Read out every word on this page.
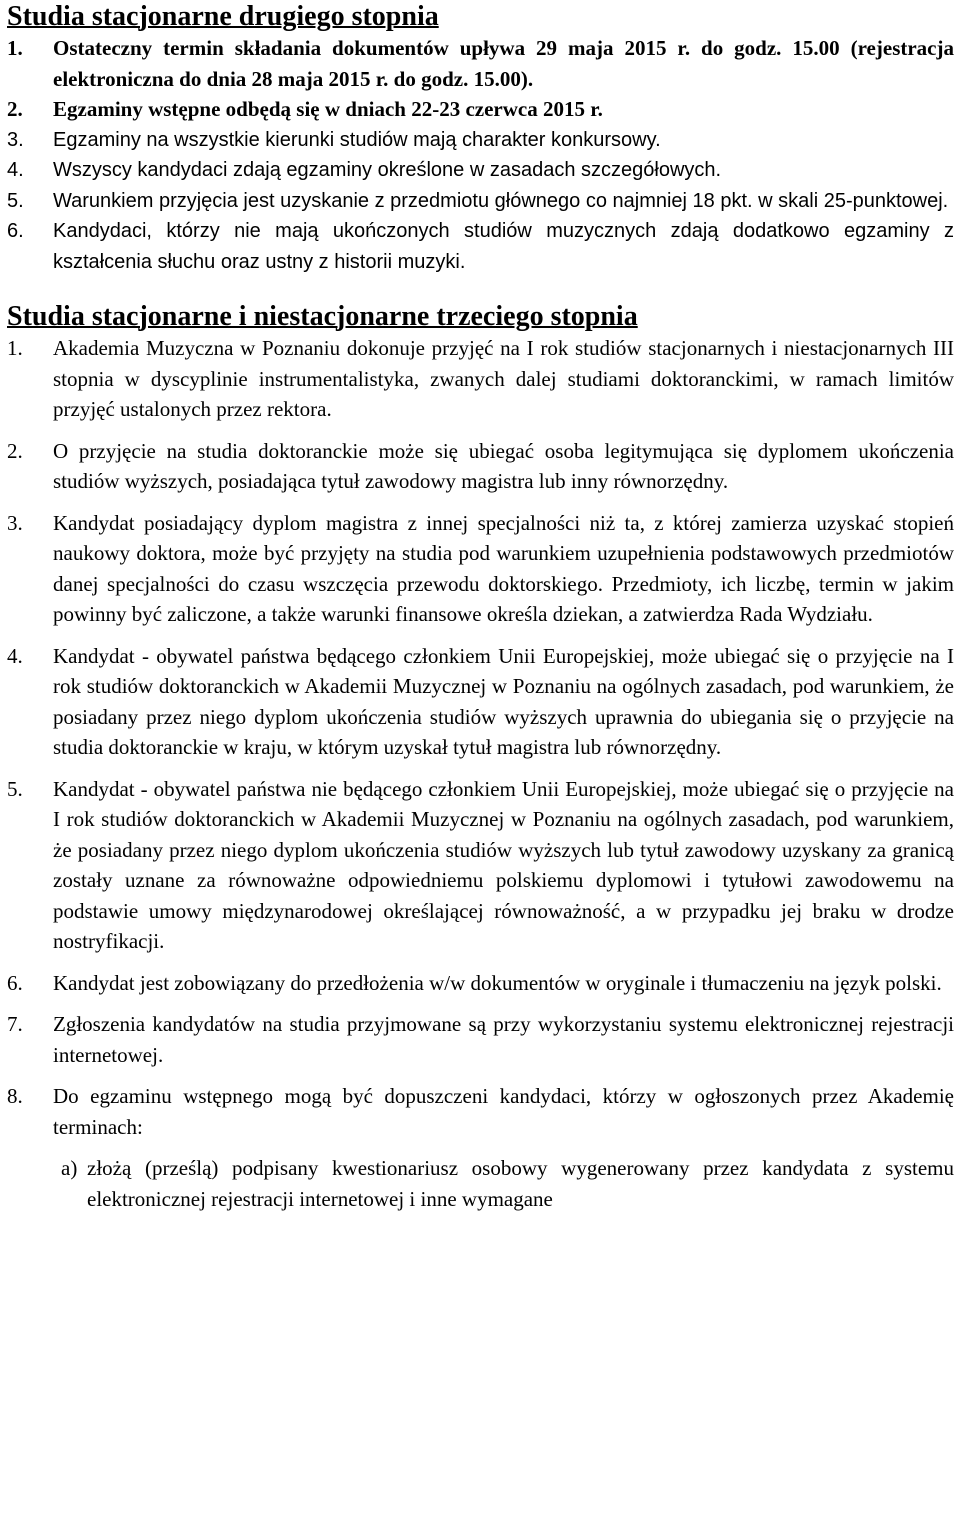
Studia stacjonarne drugiego stopnia
1. Ostateczny termin składania dokumentów upływa 29 maja 2015 r. do godz. 15.00 (rejestracja elektroniczna do dnia 28 maja 2015 r. do godz. 15.00).
2. Egzaminy wstępne odbędą się w dniach 22-23 czerwca 2015 r.
3. Egzaminy na wszystkie kierunki studiów mają charakter konkursowy.
4. Wszyscy kandydaci zdają egzaminy określone w zasadach szczegółowych.
5. Warunkiem przyjęcia jest uzyskanie z przedmiotu głównego co najmniej 18 pkt. w skali 25-punktowej.
6. Kandydaci, którzy nie mają ukończonych studiów muzycznych zdają dodatkowo egzaminy z kształcenia słuchu oraz ustny z historii muzyki.
Studia stacjonarne i niestacjonarne trzeciego stopnia
1. Akademia Muzyczna w Poznaniu dokonuje przyjęć na I rok studiów stacjonarnych i niestacjonarnych III stopnia w dyscyplinie instrumentalistyka, zwanych dalej studiami doktoranckimi, w ramach limitów przyjęć ustalonych przez rektora.
2. O przyjęcie na studia doktoranckie może się ubiegać osoba legitymująca się dyplomem ukończenia studiów wyższych, posiadająca tytuł zawodowy magistra lub inny równorzędny.
3. Kandydat posiadający dyplom magistra z innej specjalności niż ta, z której zamierza uzyskać stopień naukowy doktora, może być przyjęty na studia pod warunkiem uzupełnienia podstawowych przedmiotów danej specjalności do czasu wszczęcia przewodu doktorskiego. Przedmioty, ich liczbę, termin w jakim powinny być zaliczone, a także warunki finansowe określa dziekan, a zatwierdza Rada Wydziału.
4. Kandydat - obywatel państwa będącego członkiem Unii Europejskiej, może ubiegać się o przyjęcie na I rok studiów doktoranckich w Akademii Muzycznej w Poznaniu na ogólnych zasadach, pod warunkiem, że posiadany przez niego dyplom ukończenia studiów wyższych uprawnia do ubiegania się o przyjęcie na studia doktoranckie w kraju, w którym uzyskał tytuł magistra lub równorzędny.
5. Kandydat - obywatel państwa nie będącego członkiem Unii Europejskiej, może ubiegać się o przyjęcie na I rok studiów doktoranckich w Akademii Muzycznej w Poznaniu na ogólnych zasadach, pod warunkiem, że posiadany przez niego dyplom ukończenia studiów wyższych lub tytuł zawodowy uzyskany za granicą zostały uznane za równoważne odpowiedniemu polskiemu dyplomowi i tytułowi zawodowemu na podstawie umowy międzynarodowej określającej równoważność, a w przypadku jej braku w drodze nostryfikacji.
6. Kandydat jest zobowiązany do przedłożenia w/w dokumentów w oryginale i tłumaczeniu na język polski.
7. Zgłoszenia kandydatów na studia przyjmowane są przy wykorzystaniu systemu elektronicznej rejestracji internetowej.
8. Do egzaminu wstępnego mogą być dopuszczeni kandydaci, którzy w ogłoszonych przez Akademię terminach:
a) złożą (prześlą) podpisany kwestionariusz osobowy wygenerowany przez kandydata z systemu elektronicznej rejestracji internetowej i inne wymagane
